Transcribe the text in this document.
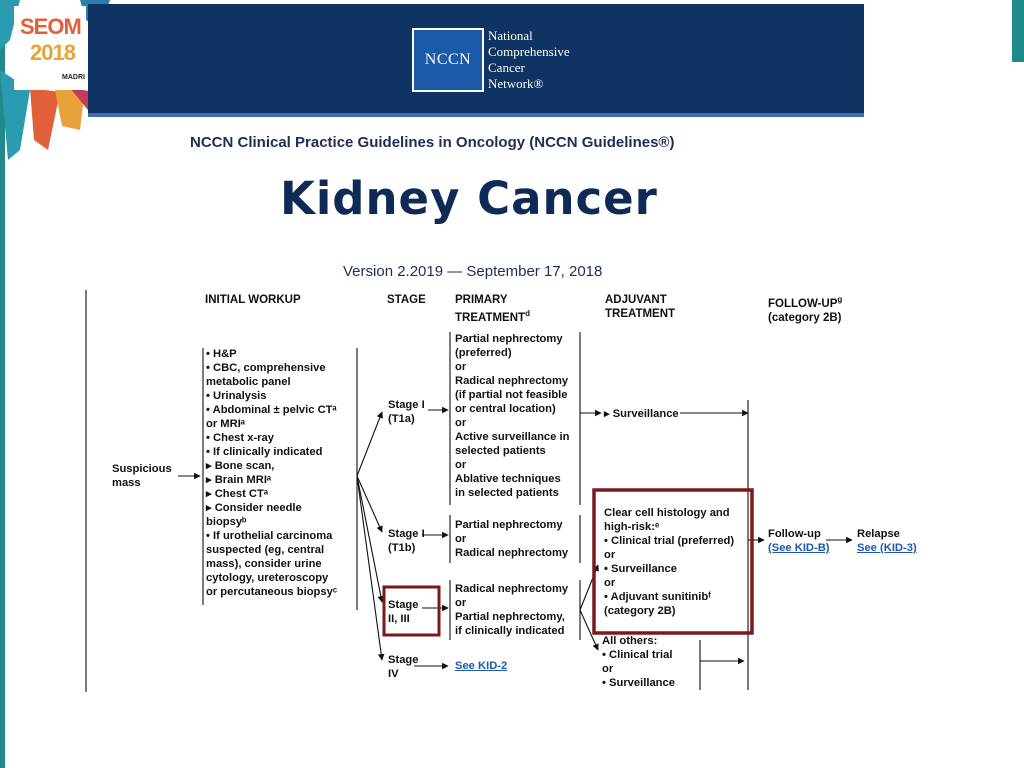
SEOM
2018
MADRI
NCCN
National
Comprehensive
Cancer
Network®
NCCN Clinical Practice Guidelines in Oncology (NCCN Guidelines®)
Kidney Cancer
Version 2.2019 — September 17, 2018
INITIAL WORKUP	STAGE	PRIMARY
TREATMENT$^d$
ADJUVANT
TREATMENT
FOLLOW-$UP^g$
(category 2B)
Suspicious
mass
• H&P
• CBC, comprehensive
metabolic panel
• Urinalysis
• Abdominal ± pelvic CTᵃ
or MRIᵃ
• Chest x-ray
• If clinically indicated
▸ Bone scan,
▸ Brain MRIᵃ
▸ Chest CTᵃ
▸ Consider needle
biopsyᵇ
• If urothelial carcinoma
suspected (eg, central
mass), consider urine
cytology, ureteroscopy
or percutaneous biopsyᶜ
Stage I
(T1a)
Stage I
(T1b)
Stage
II, III
Stage
IV
Partial nephrectomy
(preferred)
or
Radical nephrectomy
(if partial not feasible
or central location)
or
Active surveillance in
selected patients
or
Ablative techniques
in selected patients
Partial nephrectomy
or
Radical nephrectomy
Radical nephrectomy
or
Partial nephrectomy,
if clinically indicated
See KID-2
▸ Surveillance
Clear cell histology and
high-risk:ᵉ
• Clinical trial (preferred)
or
• Surveillance
or
• Adjuvant sunitinibᶠ
(category 2B)
All others:
• Clinical trial
or
• Surveillance
Follow-up
(See KID-B)
Relapse
See (KID-3)
